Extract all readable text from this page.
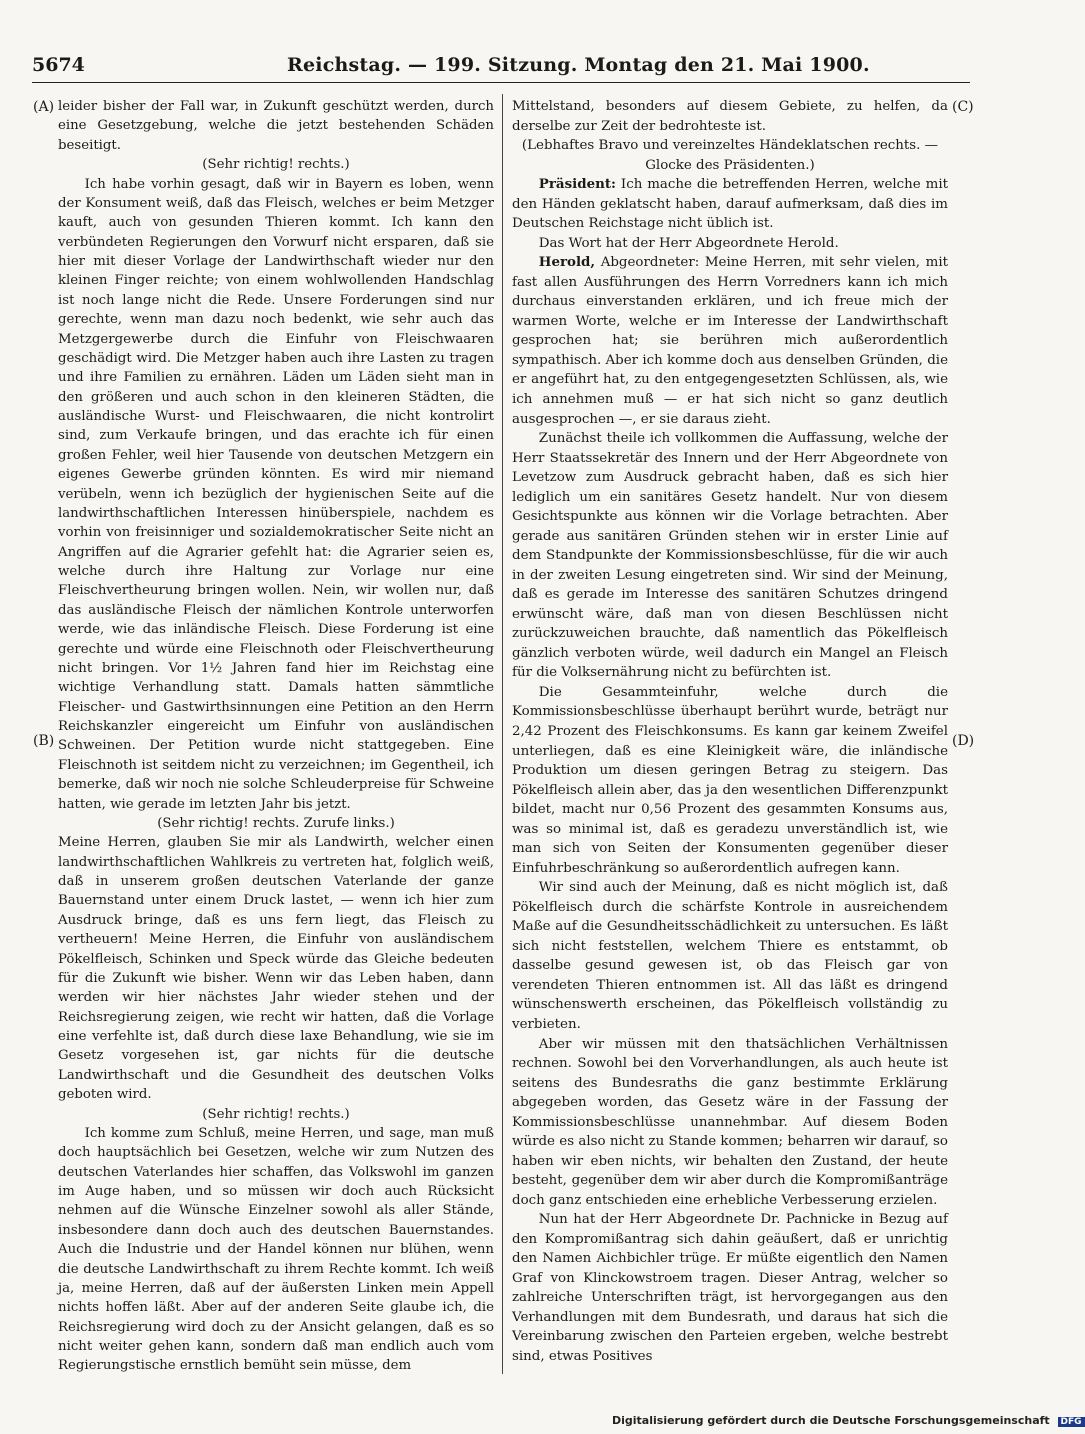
5674	Reichstag. — 199. Sitzung. Montag den 21. Mai 1900.
(A)
(B)
(C)
(D)

leider bisher der Fall war, in Zukunft geschützt werden, durch eine Gesetzgebung, welche die jetzt bestehenden Schäden beseitigt.

(Sehr richtig! rechts.)

Ich habe vorhin gesagt, daß wir in Bayern es loben, wenn der Konsument weiß, daß das Fleisch, welches er beim Metzger kauft, auch von gesunden Thieren kommt. Ich kann den verbündeten Regierungen den Vorwurf nicht ersparen, daß sie hier mit dieser Vorlage der Landwirthschaft wieder nur den kleinen Finger reichte; von einem wohlwollenden Handschlag ist noch lange nicht die Rede. Unsere Forderungen sind nur gerechte, wenn man dazu noch bedenkt, wie sehr auch das Metzgergewerbe durch die Einfuhr von Fleischwaaren geschädigt wird. Die Metzger haben auch ihre Lasten zu tragen und ihre Familien zu ernähren. Läden um Läden sieht man in den größeren und auch schon in den kleineren Städten, die ausländische Wurst- und Fleischwaaren, die nicht kontrolirt sind, zum Verkaufe bringen, und das erachte ich für einen großen Fehler, weil hier Tausende von deutschen Metzgern ein eigenes Gewerbe gründen könnten. Es wird mir niemand verübeln, wenn ich bezüglich der hygienischen Seite auf die landwirthschaftlichen Interessen hinüberspiele, nachdem es vorhin von freisinniger und sozialdemokratischer Seite nicht an Angriffen auf die Agrarier gefehlt hat: die Agrarier seien es, welche durch ihre Haltung zur Vorlage nur eine Fleischvertheurung bringen wollen. Nein, wir wollen nur, daß das ausländische Fleisch der nämlichen Kontrole unterworfen werde, wie das inländische Fleisch. Diese Forderung ist eine gerechte und würde eine Fleischnoth oder Fleischvertheurung nicht bringen. Vor 1½ Jahren fand hier im Reichstag eine wichtige Verhandlung statt. Damals hatten sämmtliche Fleischer- und Gastwirthsinnungen eine Petition an den Herrn Reichskanzler eingereicht um Einfuhr von ausländischen Schweinen. Der Petition wurde nicht stattgegeben. Eine Fleischnoth ist seitdem nicht zu verzeichnen; im Gegentheil, ich bemerke, daß wir noch nie solche Schleuderpreise für Schweine hatten, wie gerade im letzten Jahr bis jetzt.

(Sehr richtig! rechts. Zurufe links.)

Meine Herren, glauben Sie mir als Landwirth, welcher einen landwirthschaftlichen Wahlkreis zu vertreten hat, folglich weiß, daß in unserem großen deutschen Vaterlande der ganze Bauernstand unter einem Druck lastet, — wenn ich hier zum Ausdruck bringe, daß es uns fern liegt, das Fleisch zu vertheuern! Meine Herren, die Einfuhr von ausländischem Pökelfleisch, Schinken und Speck würde das Gleiche bedeuten für die Zukunft wie bisher. Wenn wir das Leben haben, dann werden wir hier nächstes Jahr wieder stehen und der Reichsregierung zeigen, wie recht wir hatten, daß die Vorlage eine verfehlte ist, daß durch diese laxe Behandlung, wie sie im Gesetz vorgesehen ist, gar nichts für die deutsche Landwirthschaft und die Gesundheit des deutschen Volks geboten wird.

(Sehr richtig! rechts.)

Ich komme zum Schluß, meine Herren, und sage, man muß doch hauptsächlich bei Gesetzen, welche wir zum Nutzen des deutschen Vaterlandes hier schaffen, das Volkswohl im ganzen im Auge haben, und so müssen wir doch auch Rücksicht nehmen auf die Wünsche Einzelner sowohl als aller Stände, insbesondere dann doch auch des deutschen Bauernstandes. Auch die Industrie und der Handel können nur blühen, wenn die deutsche Landwirthschaft zu ihrem Rechte kommt. Ich weiß ja, meine Herren, daß auf der äußersten Linken mein Appell nichts hoffen läßt. Aber auf der anderen Seite glaube ich, die Reichsregierung wird doch zu der Ansicht gelangen, daß es so nicht weiter gehen kann, sondern daß man endlich auch vom Regierungstische ernstlich bemüht sein müsse, dem

Mittelstand, besonders auf diesem Gebiete, zu helfen, da derselbe zur Zeit der bedrohteste ist.

(Lebhaftes Bravo und vereinzeltes Händeklatschen rechts. — Glocke des Präsidenten.)

Präsident: Ich mache die betreffenden Herren, welche mit den Händen geklatscht haben, darauf aufmerksam, daß dies im Deutschen Reichstage nicht üblich ist.

Das Wort hat der Herr Abgeordnete Herold.

Herold, Abgeordneter: Meine Herren, mit sehr vielen, mit fast allen Ausführungen des Herrn Vorredners kann ich mich durchaus einverstanden erklären, und ich freue mich der warmen Worte, welche er im Interesse der Landwirthschaft gesprochen hat; sie berühren mich außerordentlich sympathisch. Aber ich komme doch aus denselben Gründen, die er angeführt hat, zu den entgegengesetzten Schlüssen, als, wie ich annehmen muß — er hat sich nicht so ganz deutlich ausgesprochen —, er sie daraus zieht.

Zunächst theile ich vollkommen die Auffassung, welche der Herr Staatssekretär des Innern und der Herr Abgeordnete von Levetzow zum Ausdruck gebracht haben, daß es sich hier lediglich um ein sanitäres Gesetz handelt. Nur von diesem Gesichtspunkte aus können wir die Vorlage betrachten. Aber gerade aus sanitären Gründen stehen wir in erster Linie auf dem Standpunkte der Kommissionsbeschlüsse, für die wir auch in der zweiten Lesung eingetreten sind. Wir sind der Meinung, daß es gerade im Interesse des sanitären Schutzes dringend erwünscht wäre, daß man von diesen Beschlüssen nicht zurückzuweichen brauchte, daß namentlich das Pökelfleisch gänzlich verboten würde, weil dadurch ein Mangel an Fleisch für die Volksernährung nicht zu befürchten ist.

Die Gesammteinfuhr, welche durch die Kommissionsbeschlüsse überhaupt berührt wurde, beträgt nur 2,42 Prozent des Fleischkonsums. Es kann gar keinem Zweifel unterliegen, daß es eine Kleinigkeit wäre, die inländische Produktion um diesen geringen Betrag zu steigern. Das Pökelfleisch allein aber, das ja den wesentlichen Differenzpunkt bildet, macht nur 0,56 Prozent des gesammten Konsums aus, was so minimal ist, daß es geradezu unverständlich ist, wie man sich von Seiten der Konsumenten gegenüber dieser Einfuhrbeschränkung so außerordentlich aufregen kann.

Wir sind auch der Meinung, daß es nicht möglich ist, daß Pökelfleisch durch die schärfste Kontrole in ausreichendem Maße auf die Gesundheitsschädlichkeit zu untersuchen. Es läßt sich nicht feststellen, welchem Thiere es entstammt, ob dasselbe gesund gewesen ist, ob das Fleisch gar von verendeten Thieren entnommen ist. All das läßt es dringend wünschenswerth erscheinen, das Pökelfleisch vollständig zu verbieten.

Aber wir müssen mit den thatsächlichen Verhältnissen rechnen. Sowohl bei den Vorverhandlungen, als auch heute ist seitens des Bundesraths die ganz bestimmte Erklärung abgegeben worden, das Gesetz wäre in der Fassung der Kommissionsbeschlüsse unannehmbar. Auf diesem Boden würde es also nicht zu Stande kommen; beharren wir darauf, so haben wir eben nichts, wir behalten den Zustand, der heute besteht, gegenüber dem wir aber durch die Kompromißanträge doch ganz entschieden eine erhebliche Verbesserung erzielen.

Nun hat der Herr Abgeordnete Dr. Pachnicke in Bezug auf den Kompromißantrag sich dahin geäußert, daß er unrichtig den Namen Aichbichler trüge. Er müßte eigentlich den Namen Graf von Klinckowstroem tragen. Dieser Antrag, welcher so zahlreiche Unterschriften trägt, ist hervorgegangen aus den Verhandlungen mit dem Bundesrath, und daraus hat sich die Vereinbarung zwischen den Parteien ergeben, welche bestrebt sind, etwas Positives

Digitalisierung gefördert durch die Deutsche Forschungsgemeinschaft DFG
